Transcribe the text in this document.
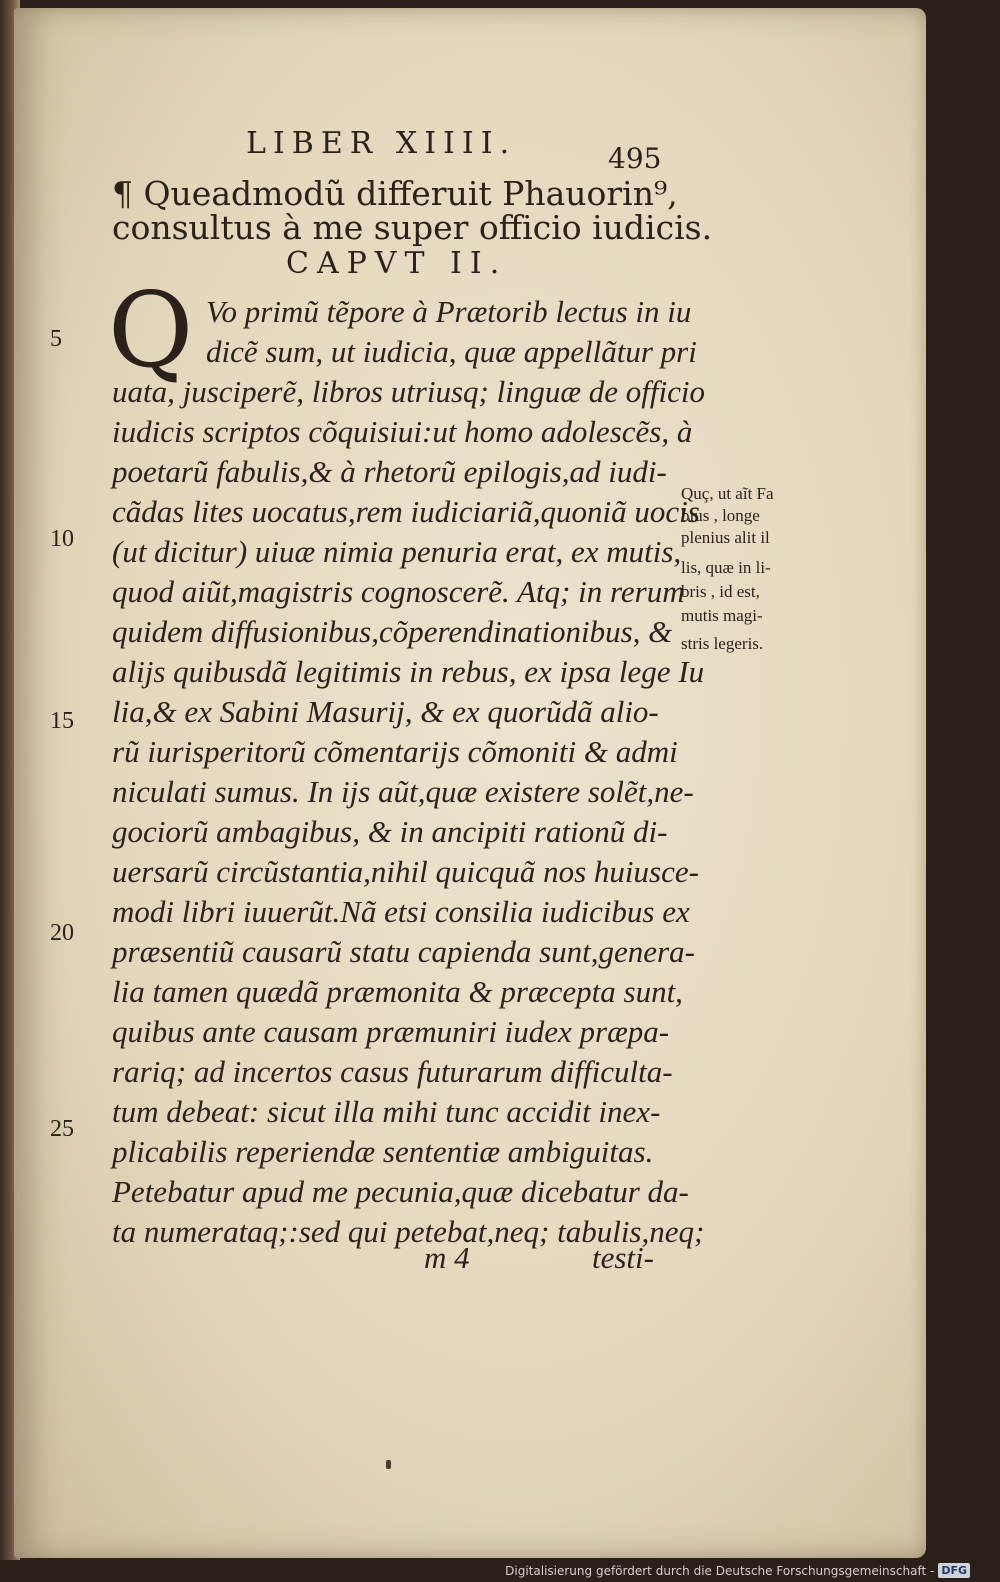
LIBER XIIII.	495
¶ Queadmodũ differuit Phauorin⁹,
consultus à me super officio iudicis.
CAPVT II.
Q Vo primũ tẽpore à Prætorib lectus in iu
dicẽ sum, ut iudicia, quæ appellãtur pri
uata, jusciperẽ, libros utriusq; linguæ de officio
iudicis scriptos cõquisiui:ut homo adolescẽs, à
poetarũ fabulis,& à rhetorũ epilogis,ad iudi-
cãdas lites uocatus,rem iudiciariã,quoniã uocis
(ut dicitur) uiuæ nimia penuria erat, ex mutis,
quod aiũt,magistris cognoscerẽ. Atq; in rerum
quidem diffusionibus,cõperendinationibus, &
alijs quibusdã legitimis in rebus, ex ipsa lege Iu
lia,& ex Sabini Masurij, & ex quorũdã alio-
rũ iurisperitorũ cõmentarijs cõmoniti & admi
niculati sumus. In ijs aũt,quæ existere solẽt,ne-
gociorũ ambagibus, & in ancipiti rationũ di-
uersarũ circũstantia,nihil quicquã nos huiusce-
modi libri iuuerũt.Nã etsi consilia iudicibus ex
præsentiũ causarũ statu capienda sunt,genera-
lia tamen quædã præmonita & præcepta sunt,
quibus ante causam præmuniri iudex præpa-
rariq; ad incertos casus futurarum difficulta-
tum debeat: sicut illa mihi tunc accidit inex-
plicabilis reperiendæ sententiæ ambiguitas.
Petebatur apud me pecunia,quæ dicebatur da-
ta numerataq;:sed qui petebat,neq; tabulis,neq;
5
10
15
20
25
Quç, ut aĩt Fa
bius , longe
plenius alit il
lis, quæ in li-
bris , id est,
mutis magi-
stris legeris.
m 4	testi-
Digitalisierung gefördert durch die Deutsche Forschungsgemeinschaft - DFG
